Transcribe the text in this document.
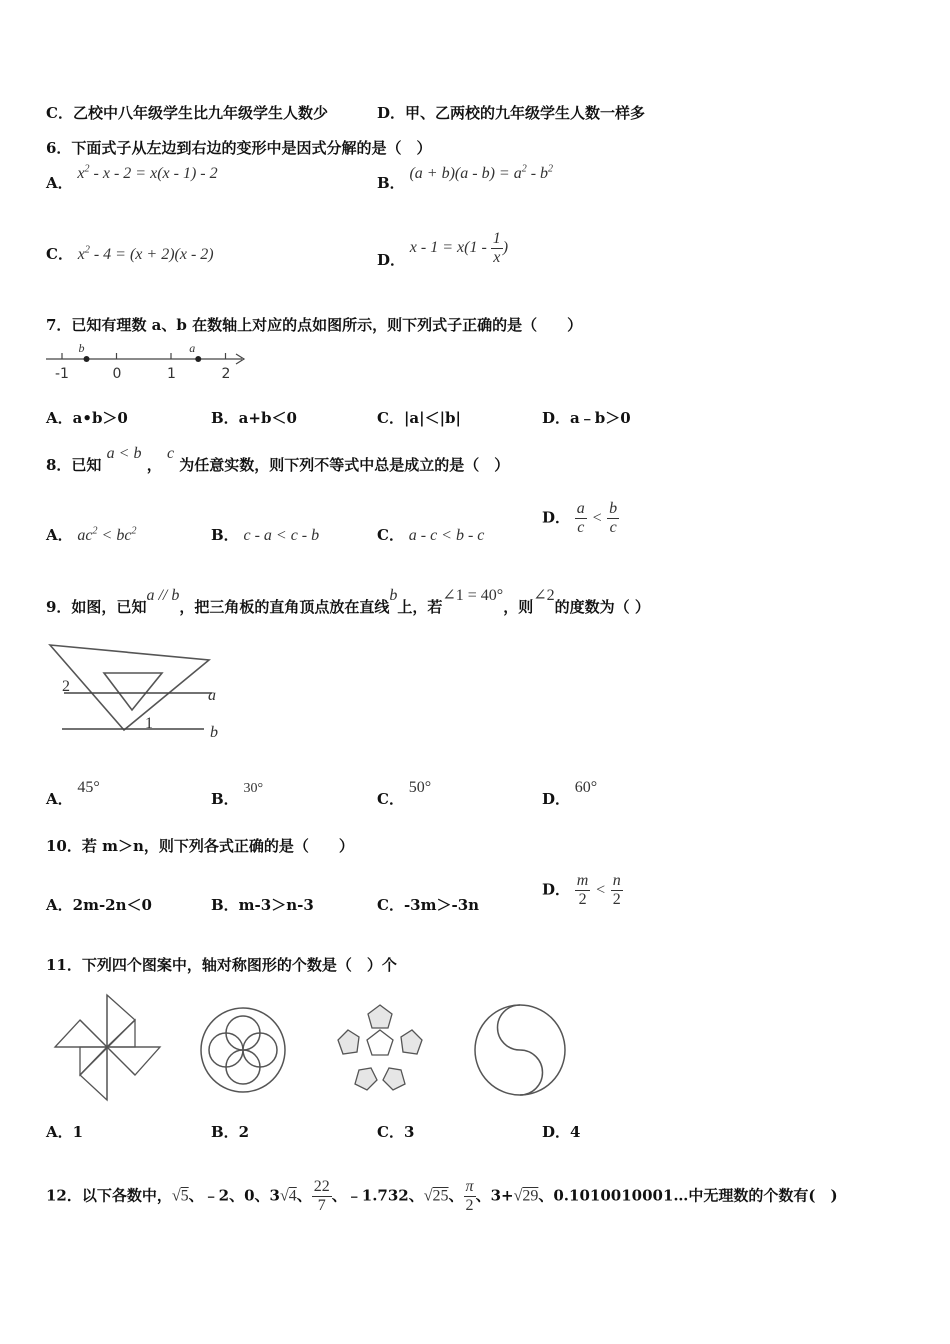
C．乙校中八年级学生比九年级学生人数少	D．甲、乙两校的九年级学生人数一样多
6．下面式子从左边到右边的变形中是因式分解的是（　）
A． $x^2 - x - 2 = x(x - 1) - 2$
B． $(a + b)(a - b) = a^2 - b^2$
C． $x^2 - 4 = (x + 2)(x - 2)$	D． $x - 1 = x(1 - \frac{1}{x}$ )
7．已知有理数 a、b 在数轴上对应的点如图所示，则下列式子正确的是（　　）
-1	0	1	2
b	a
A．a•b＞0	B．a+b＜0	C．|a|＜|b|	D．a﹣b＞0
8．已知 a < b ， c 为任意实数，则下列不等式中总是成立的是（　）
A． $ac^2 < bc^2$	B． c - a < c - b	C． a - c < b - c
D． $\frac{a}{c} < \frac{b}{c}$
9．如图，已知a // b，把三角板的直角顶点放在直线b上，若∠1 = 40°，则∠2的度数为（ ）
2
1
a
b
A． 45°
B． 30°
C． 50°
D． 60°
10．若 m＞n，则下列各式正确的是（　　）
A．2m-2n＜0	B．m-3＞n-3	C．-3m＞-3n
D． $\frac{m}{2} < \frac{n}{2}$
11．下列四个图案中，轴对称图形的个数是（　）个
A．1	B．2	C．3	D．4
12．以下各数中，√5、﹣2、0、3√4、 $\frac{22}{7}$ 、﹣1.732、√25、 $\frac{\pi}{2}$ 、3+√29、0.1010010001…中无理数的个数有(　)
